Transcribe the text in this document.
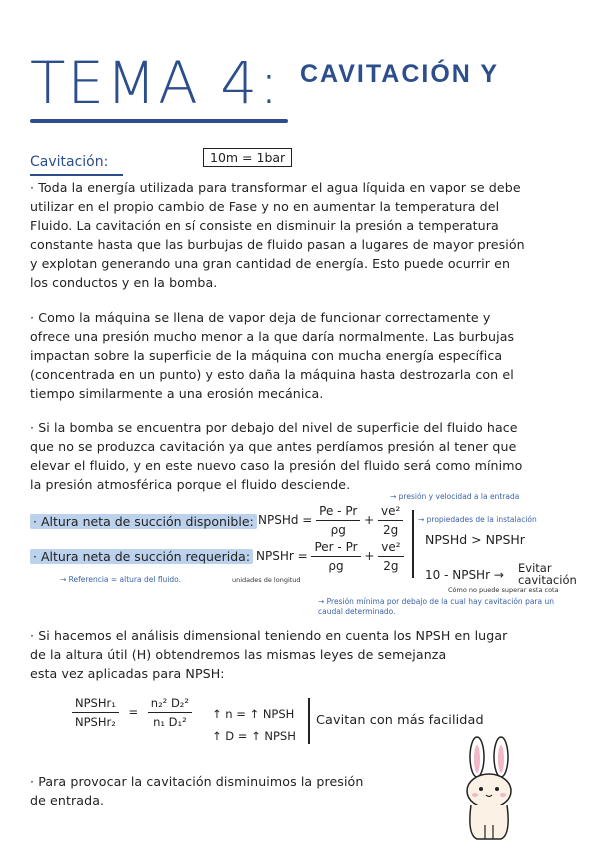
TEMA 4: CAVITACIÓN Y
Cavitación:	10m = 1bar
· Toda la energía utilizada para transformar el agua líquida en vapor se debe
utilizar en el propio cambio de Fase y no en aumentar la temperatura del
Fluido. La cavitación en sí consiste en disminuir la presión a temperatura
constante hasta que las burbujas de fluido pasan a lugares de mayor presión
y explotan generando una gran cantidad de energía. Esto puede ocurrir en
los conductos y en la bomba.
· Como la máquina se llena de vapor deja de funcionar correctamente y
ofrece una presión mucho menor a la que daría normalmente. Las burbujas
impactan sobre la superficie de la máquina con mucha energía específica
(concentrada en un punto) y esto daña la máquina hasta destrozarla con el
tiempo similarmente a una erosión mecánica.
· Si la bomba se encuentra por debajo del nivel de superficie del fluido hace
que no se produzca cavitación ya que antes perdíamos presión al tener que
elevar el fluido, y en este nuevo caso la presión del fluido será como mínimo
la presión atmosférica porque el fluido desciende.
→ presión y velocidad a la entrada
→ propiedades de la instalación
· Altura neta de succión disponible: NPSHd = $\frac{Pe - Pr}{\rho g} + \frac{\text{ve²}}{2g}$
NPSHd > NPSHr
· Altura neta de succión requerida: NPSHr = $\frac{\text{Per - Pr}}{\rho g} + \frac{\text{ve²}}{2g}$
10 - NPSHr → Evitar cavitación
Cómo no puede superar esta cota
→ Referencia = altura del fluido.	unidades de longitud
→ Presión mínima por debajo de la cual hay cavitación para un caudal determinado.
· Si hacemos el análisis dimensional teniendo en cuenta los NPSH en lugar
de la altura útil (H) obtendremos las mismas leyes de semejanza
esta vez aplicadas para NPSH:
$\frac{\text{NPSHr₁}}{\text{NPSHr₂}} = \frac{\text{n₂² D₂²}}{\text{n₁ D₁²}}$ ↑ n = ↑ NPSH
↑ D = ↑ NPSH
Cavitan con más facilidad
· Para provocar la cavitación disminuimos la presión
de entrada.
